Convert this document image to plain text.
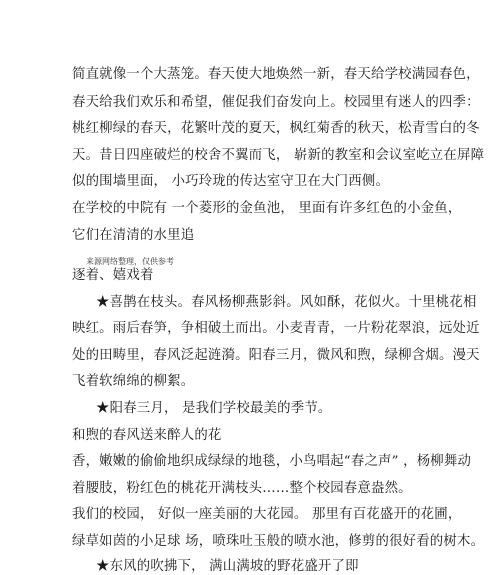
简直就像一个大蒸笼。春天使大地焕然一新，春天给学校满园春色，
春天给我们欢乐和希望，催促我们奋发向上。校园里有迷人的四季：
桃红柳绿的春天，花繁叶茂的夏天，枫红菊香的秋天，松青雪白的冬
天。昔日四座破烂的校舍不翼而飞， 崭新的教室和会议室屹立在屏障
似的围墙里面， 小巧玲珑的传达室守卫在大门西侧。
在学校的中院有 一个菱形的金鱼池， 里面有许多红色的小金鱼，
它们在清清的水里追
来源网络整理，仅供参考
逐着、嬉戏着
★喜鹊在枝头。春风杨柳燕影斜。风如酥，花似火。十里桃花相
映红。雨后春笋，争相破土而出。小麦青青，一片粉花翠浪，远处近
处的田畴里，春风泛起涟漪。阳春三月，微风和煦，绿柳含烟。漫天
飞着软绵绵的柳絮。
★阳春三月， 是我们学校最美的季节。
和煦的春风送来醉人的花
香，嫩嫩的偷偷地织成绿绿的地毯，小鸟唱起“春之声” ，杨柳舞动
着腰肢，粉红色的桃花开满枝头……整个校园春意盎然。
我们的校园， 好似一座美丽的大花园。 那里有百花盛开的花圃，
绿草如茵的小足球 场，喷珠吐玉般的喷水池，修剪的很好看的树木。
★东风的吹拂下， 满山满坡的野花盛开了即
